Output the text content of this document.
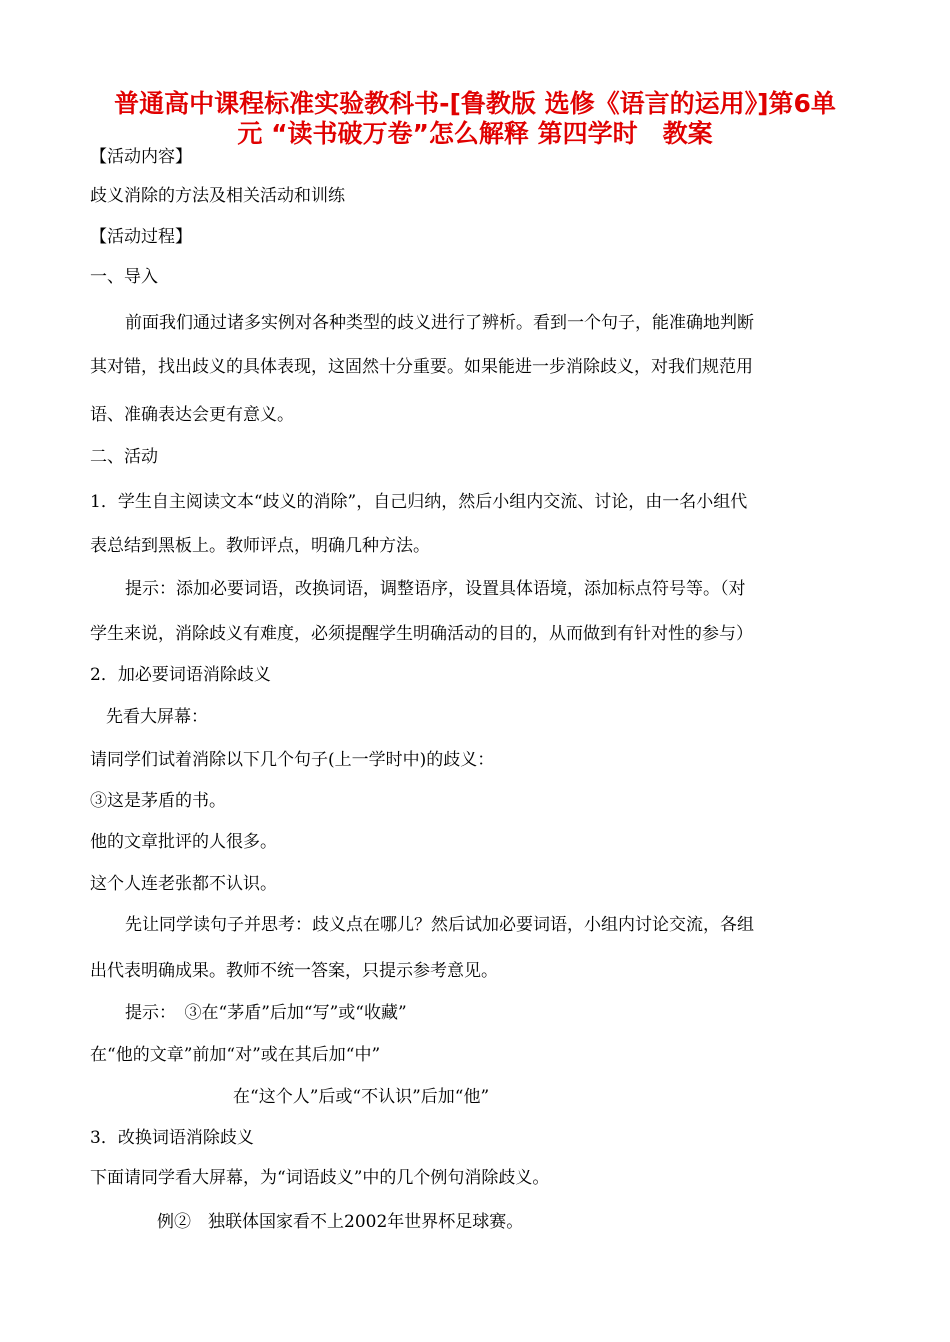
普通高中课程标准实验教科书-[鲁教版 选修《语言的运用》]第6单
元 “读书破万卷”怎么解释 第四学时　教案
【活动内容】
歧义消除的方法及相关活动和训练
【活动过程】
一、导入
前面我们通过诸多实例对各种类型的歧义进行了辨析。看到一个句子，能准确地判断
其对错，找出歧义的具体表现，这固然十分重要。如果能进一步消除歧义，对我们规范用
语、准确表达会更有意义。
二、活动
1．学生自主阅读文本“歧义的消除”，自己归纳，然后小组内交流、讨论，由一名小组代
表总结到黑板上。教师评点，明确几种方法。
提示：添加必要词语，改换词语，调整语序，设置具体语境，添加标点符号等。（对
学生来说，消除歧义有难度，必须提醒学生明确活动的目的，从而做到有针对性的参与）
2．加必要词语消除歧义
先看大屏幕：
请同学们试着消除以下几个句子(上一学时中)的歧义：
③这是茅盾的书。
他的文章批评的人很多。
这个人连老张都不认识。
先让同学读句子并思考：歧义点在哪儿？然后试加必要词语，小组内讨论交流，各组
出代表明确成果。教师不统一答案，只提示参考意见。
提示：　③在“茅盾”后加“写”或“收藏”
在“他的文章”前加“对”或在其后加“中”
在“这个人”后或“不认识”后加“他”
3．改换词语消除歧义
下面请同学看大屏幕，为“词语歧义”中的几个例句消除歧义。
例②　独联体国家看不上2002年世界杯足球赛。
